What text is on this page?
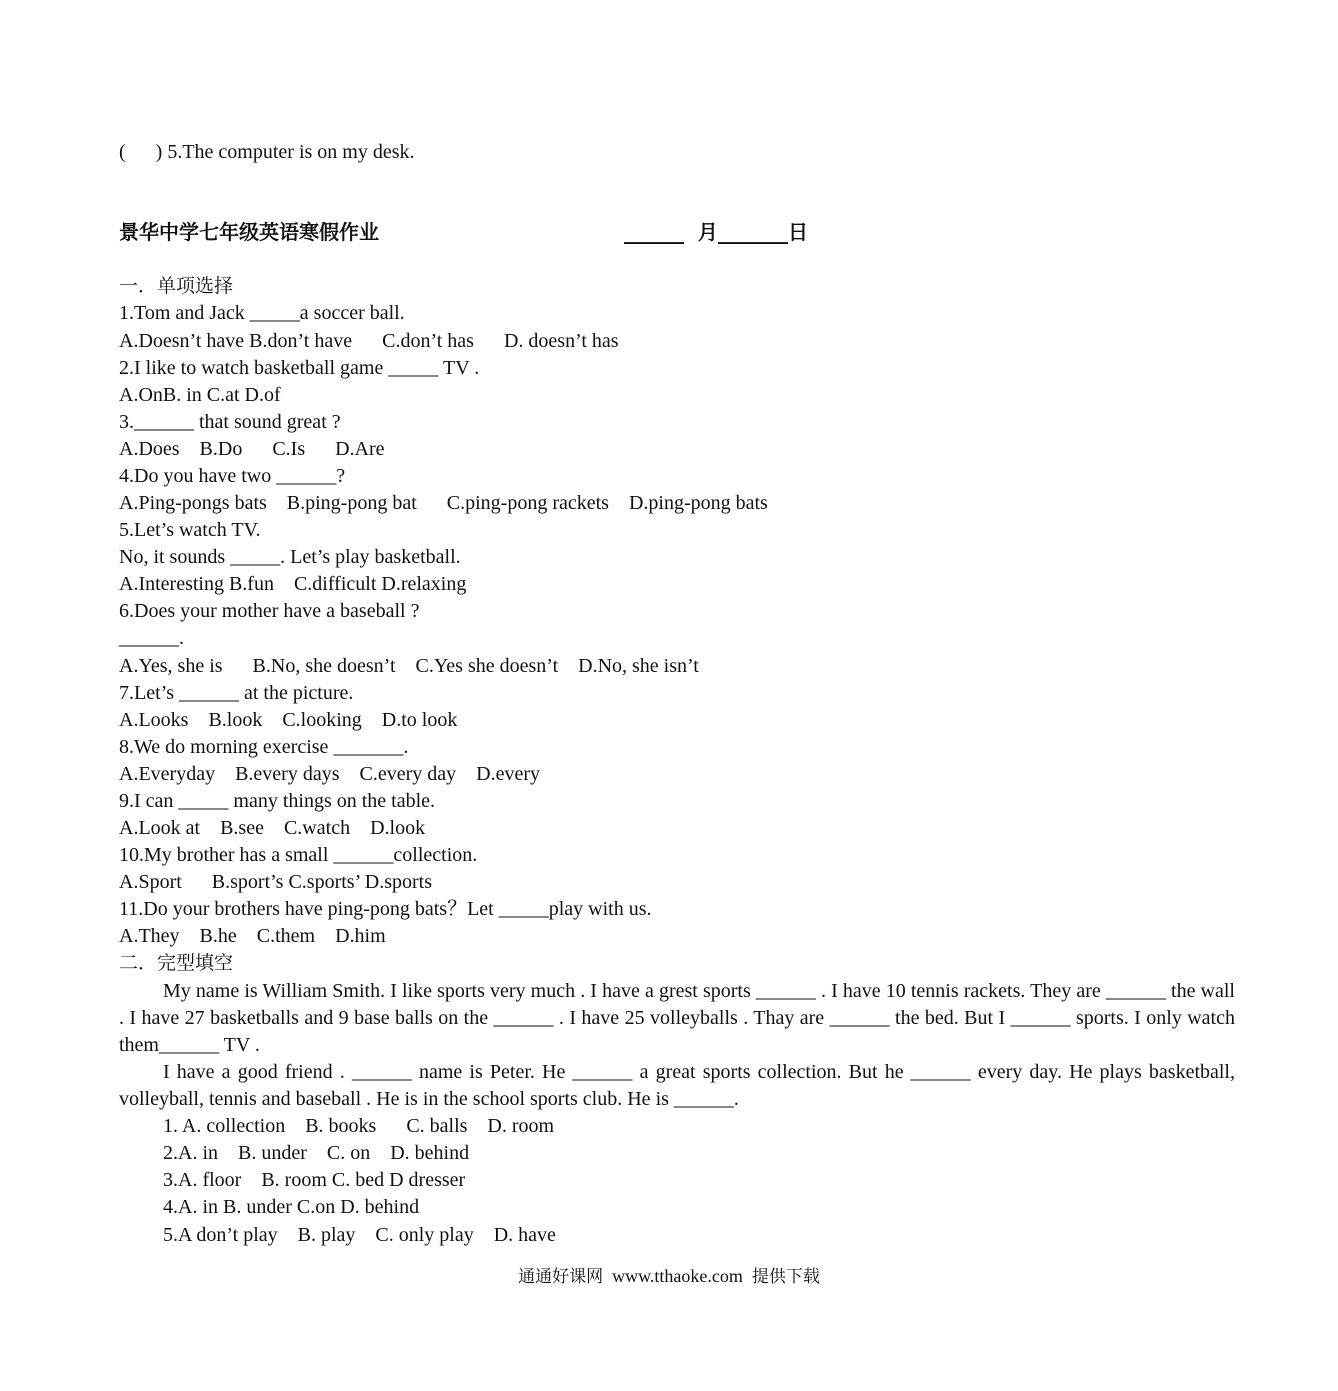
(      ) 5.The computer is on my desk.
景华中学七年级英语寒假作业	______  月_______日
一．单项选择
1.Tom and Jack _____a soccer ball.
A.Doesn’t have B.don’t have      C.don’t has      D. doesn’t has
2.I like to watch basketball game _____ TV .
A.OnB. in C.at D.of
3.______ that sound great ?
A.Does    B.Do      C.Is      D.Are
4.Do you have two ______?
A.Ping-pongs bats    B.ping-pong bat      C.ping-pong rackets    D.ping-pong bats
5.Let’s watch TV.
No, it sounds _____. Let’s play basketball.
A.Interesting B.fun    C.difficult D.relaxing
6.Does your mother have a baseball ?
______.
A.Yes, she is      B.No, she doesn’t    C.Yes she doesn’t    D.No, she isn’t
7.Let’s ______ at the picture.
A.Looks    B.look    C.looking    D.to look
8.We do morning exercise _______.
A.Everyday    B.every days    C.every day    D.every
9.I can _____ many things on the table.
A.Look at    B.see    C.watch    D.look
10.My brother has a small ______collection.
A.Sport      B.sport’s C.sports’ D.sports
11.Do your brothers have ping-pong bats？Let _____play with us.
A.They    B.he    C.them    D.him
二．完型填空
My name is William Smith. I like sports very much . I have a grest sports ______ . I have 10 tennis rackets. They are ______ the wall . I have 27 basketballs and 9 base balls on the ______ . I have 25 volleyballs . Thay are ______ the bed. But I ______ sports. I only watch them______ TV .
I have a good friend . ______ name is Peter. He ______ a great sports collection. But he ______ every day. He plays basketball, volleyball, tennis and baseball . He is in the school sports club. He is ______.
1. A. collection    B. books      C. balls    D. room
2.A. in    B. under    C. on    D. behind
3.A. floor    B. room C. bed D dresser
4.A. in B. under C.on D. behind
5.A don’t play    B. play    C. only play    D. have
通通好课网 www.tthaoke.com 提供下载
